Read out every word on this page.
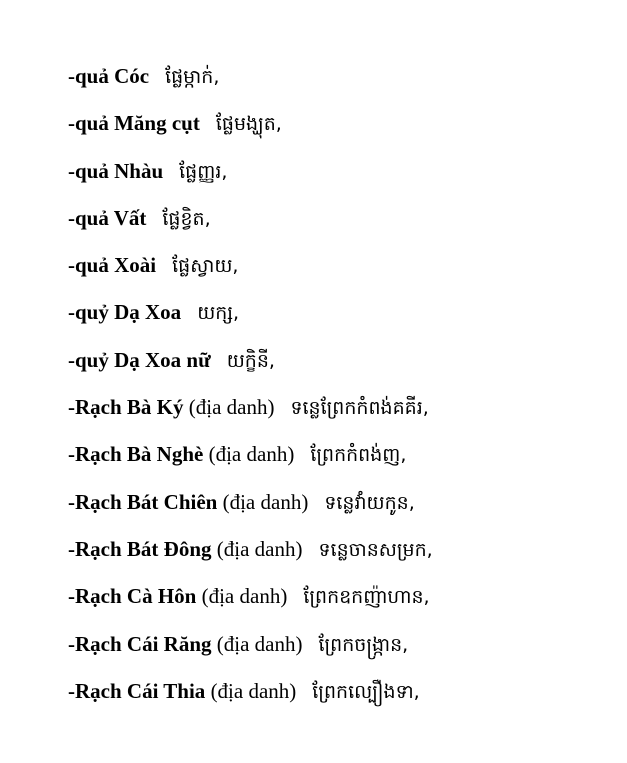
-quả Cóc ផ្លែម្កាក់,
-quả Măng cụt ផ្លែមង្ឃុត,
-quả Nhàu ផ្លែញ្ញរ,
-quả Vất ផ្លែខ្វិត,
-quả Xoài ផ្លែស្វាយ,
-quỷ Dạ Xoa យក្ស,
-quỷ Dạ Xoa nữ យក្ខិនី,
-Rạch Bà Ký (địa danh) ទន្លេព្រែកកំពង់គគីរ,
-Rạch Bà Nghè (địa danh) ព្រែកកំពង់ញ,
-Rạch Bát Chiên (địa danh) ទន្លេវាំយកូន,
-Rạch Bát Đông (địa danh) ទន្លេចានសម្រក,
-Rạch Cà Hôn (địa danh) ព្រែកឧកញ៉ាហាន,
-Rạch Cái Răng (địa danh) ព្រែកចង្ក្រាន,
-Rạch Cái Thia (địa danh) ព្រែកល្បឿងទា,
